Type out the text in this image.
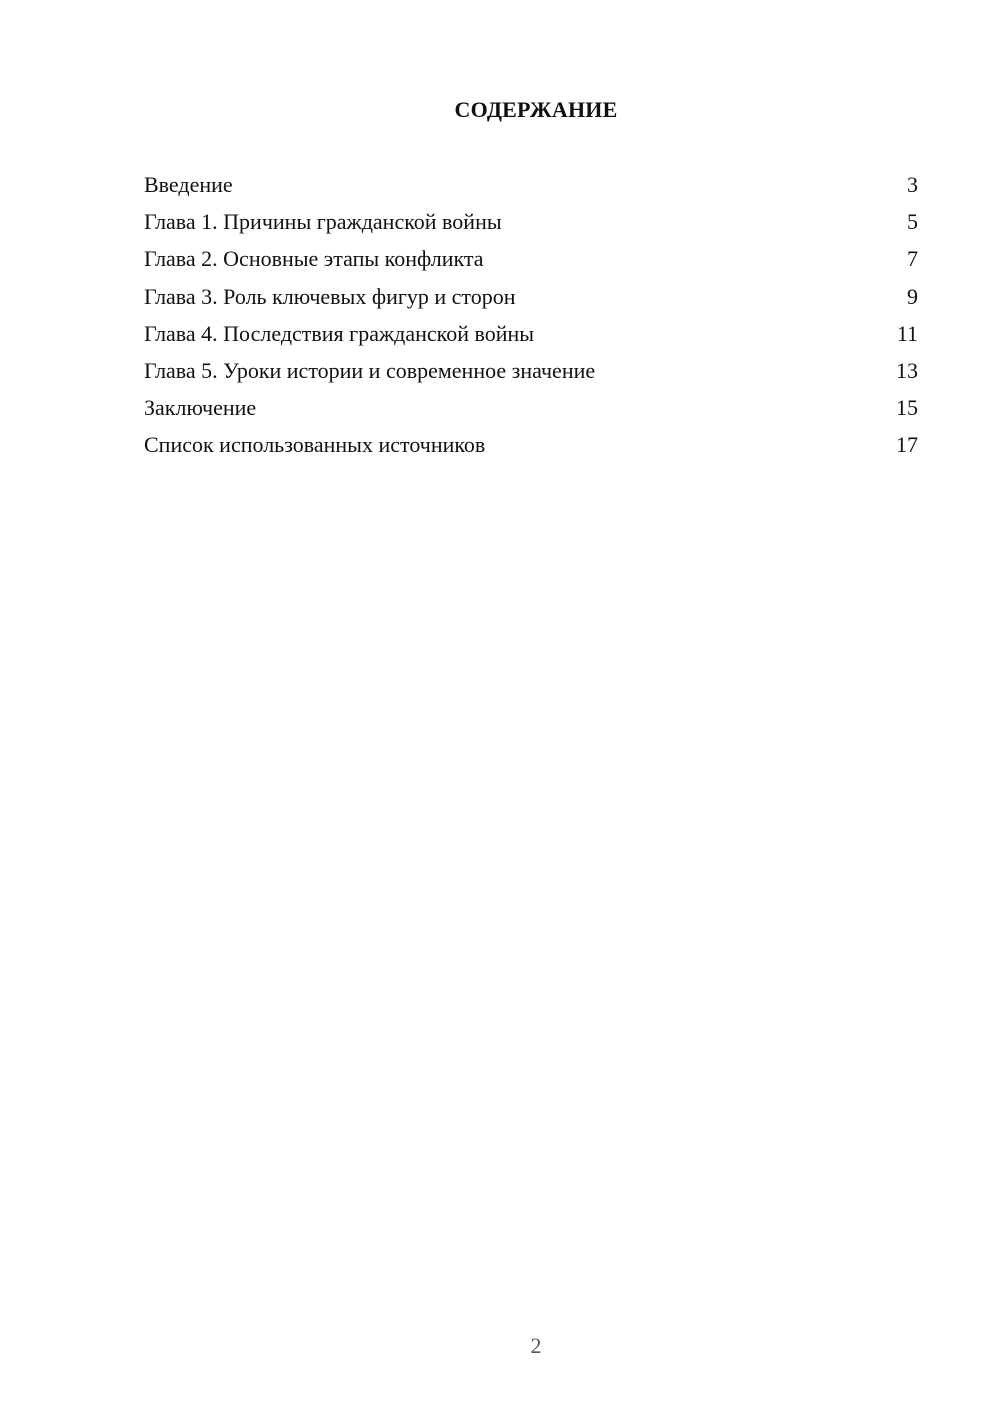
СОДЕРЖАНИЕ
Введение	3
Глава 1. Причины гражданской войны	5
Глава 2. Основные этапы конфликта	7
Глава 3. Роль ключевых фигур и сторон	9
Глава 4. Последствия гражданской войны	11
Глава 5. Уроки истории и современное значение	13
Заключение	15
Список использованных источников	17
2
